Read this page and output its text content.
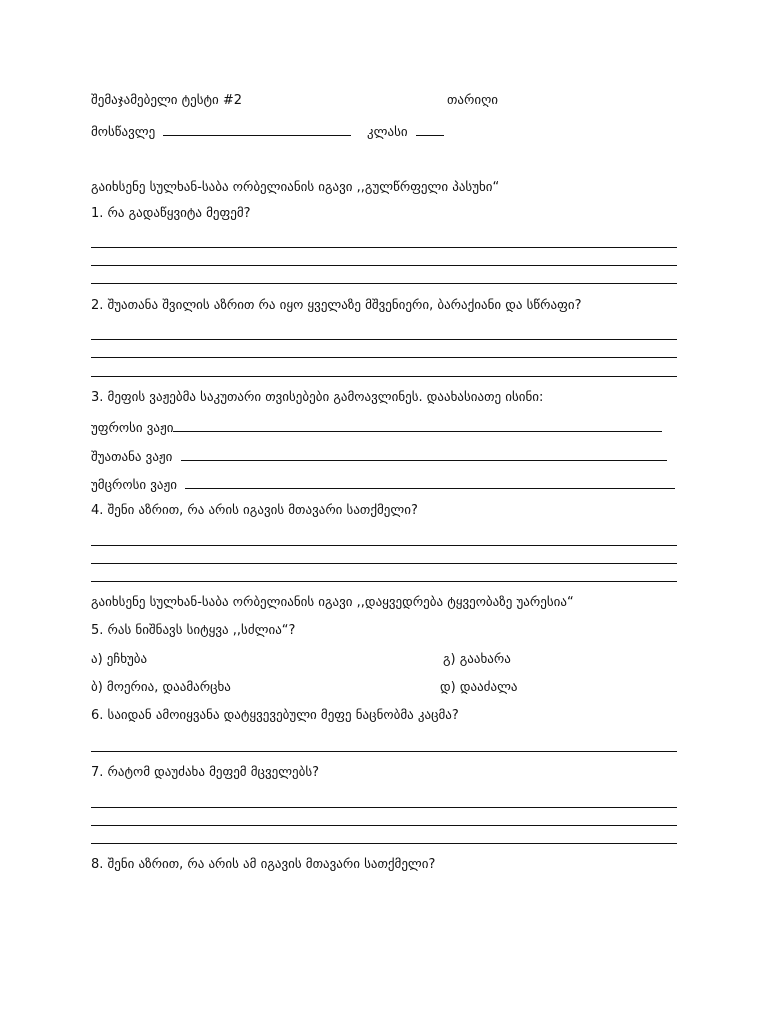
შემაჯამებელი ტესტი #2	თარიღი
მოსწავლე	კლასი
გაიხსენე სულხან-საბა ორბელიანის იგავი ,,გულწრფელი პასუხი“
1. რა გადაწყვიტა მეფემ?
2. შუათანა შვილის აზრით რა იყო ყველაზე მშვენიერი, ბარაქიანი და სწრაფი?
3. მეფის ვაჟებმა საკუთარი თვისებები გამოავლინეს. დაახასიათე ისინი:
უფროსი ვაჟი
შუათანა ვაჟი
უმცროსი ვაჟი
4. შენი აზრით, რა არის იგავის მთავარი სათქმელი?
გაიხსენე სულხან-საბა ორბელიანის იგავი ,,დაყვედრება ტყვეობაზე უარესია“
5. რას ნიშნავს სიტყვა ,,სძლია“?
ა) ეჩხუბა	გ) გაახარა
ბ) მოერია, დაამარცხა	დ) დააძალა
6. საიდან ამოიყვანა დატყვევებული მეფე ნაცნობმა კაცმა?
7. რატომ დაუძახა მეფემ მცველებს?
8. შენი აზრით, რა არის ამ იგავის მთავარი სათქმელი?
